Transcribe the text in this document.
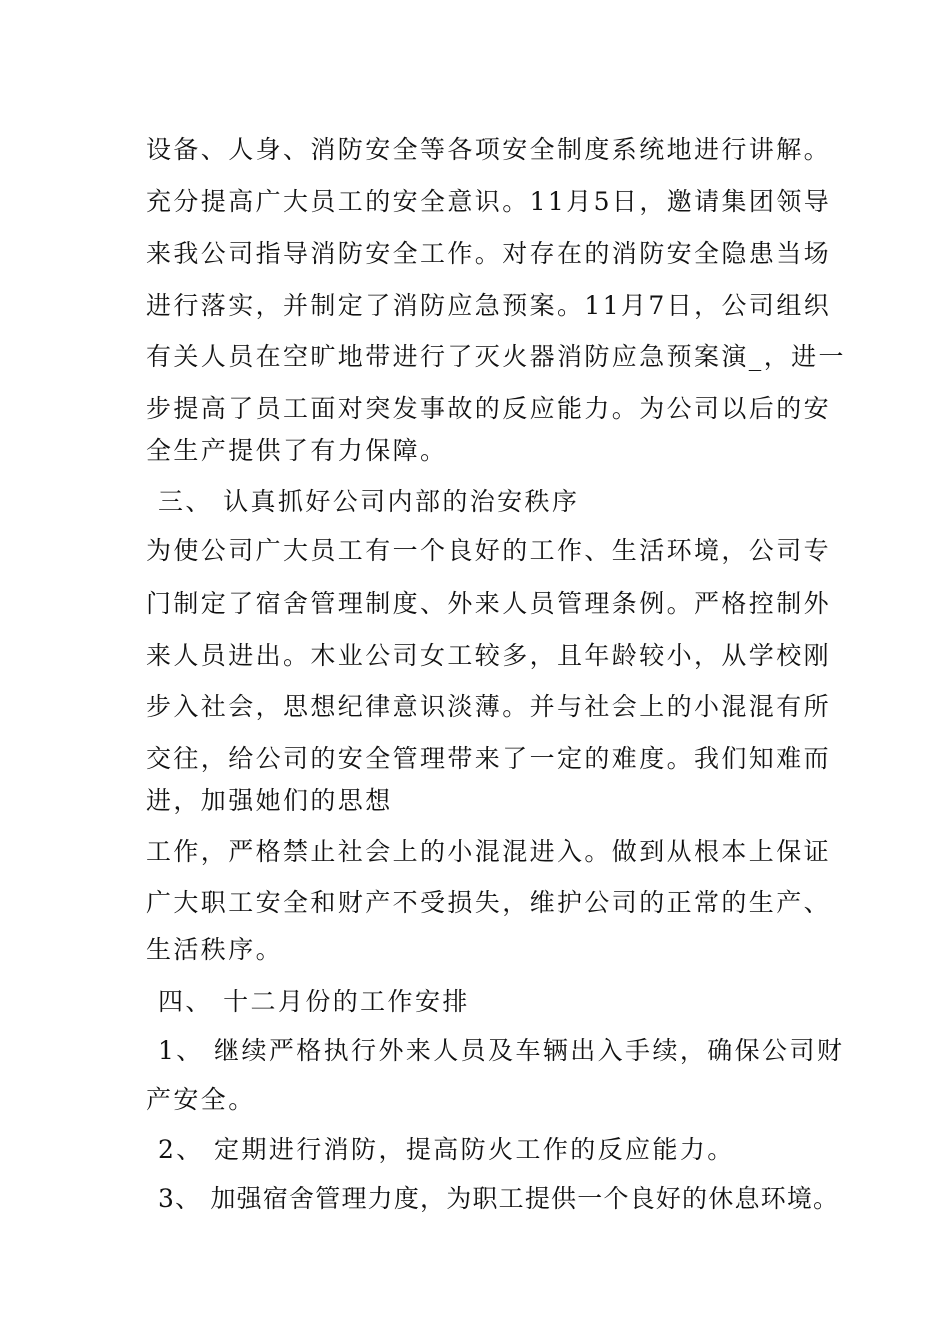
设备、人身、消防安全等各项安全制度系统地进行讲解。
充分提高广大员工的安全意识。11月5日，邀请集团领导
来我公司指导消防安全工作。对存在的消防安全隐患当场
进行落实，并制定了消防应急预案。11月7日，公司组织
有关人员在空旷地带进行了灭火器消防应急预案演_，进一
步提高了员工面对突发事故的反应能力。为公司以后的安
全生产提供了有力保障。
三、 认真抓好公司内部的治安秩序
为使公司广大员工有一个良好的工作、生活环境，公司专
门制定了宿舍管理制度、外来人员管理条例。严格控制外
来人员进出。木业公司女工较多，且年龄较小，从学校刚
步入社会，思想纪律意识淡薄。并与社会上的小混混有所
交往，给公司的安全管理带来了一定的难度。我们知难而
进，加强她们的思想
工作，严格禁止社会上的小混混进入。做到从根本上保证
广大职工安全和财产不受损失，维护公司的正常的生产、
生活秩序。
四、 十二月份的工作安排
1、 继续严格执行外来人员及车辆出入手续，确保公司财
产安全。
2、 定期进行消防，提高防火工作的反应能力。
3、 加强宿舍管理力度，为职工提供一个良好的休息环境。
